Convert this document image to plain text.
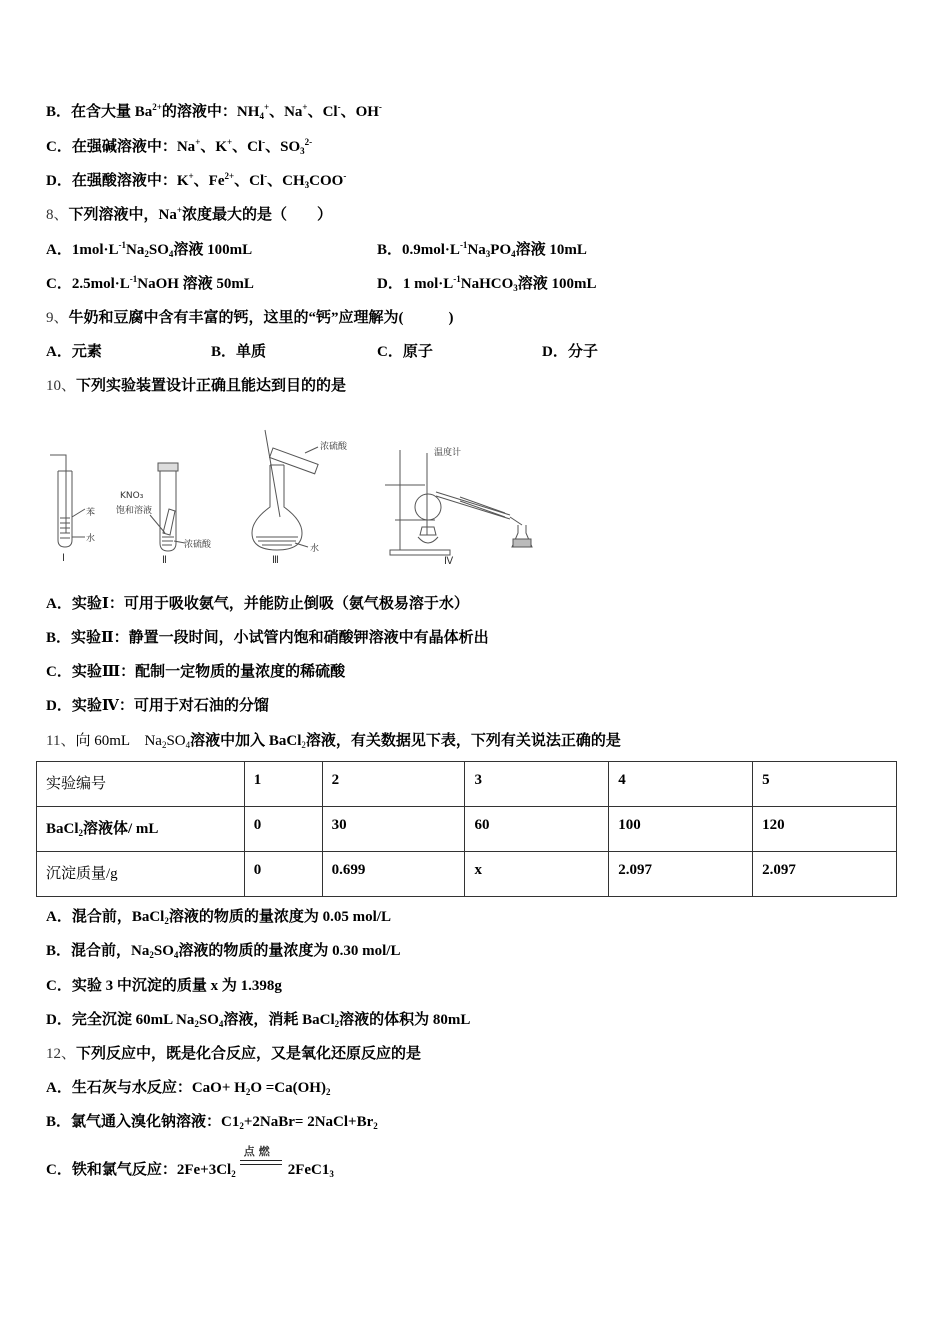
B．在含大量 $Ba^{2+}$的溶液中：$NH_4^+$、Na+、Cl-、OH-
C．在强碱溶液中：Na+、K+、Cl-、$SO_3^{2-}$
D．在强酸溶液中：K+、$Fe^{2+}$、Cl-、$CH_3COO^-$
8、下列溶液中，Na+浓度最大的是（　　）
A．$1mol\cdot L^{-1}Na_2SO_4$溶液 100mL	B．$0.9mol\cdot L^{-1}Na_3PO_4$溶液 10mL
C．$2.5mol\cdot L^{-1}NaOH$ 溶液 50mL	D．1 $mol\cdot L^{-1}NaHCO_3$溶液 100mL
9、牛奶和豆腐中含有丰富的钙，这里的“钙”应理解为(　　　)
A．元素	B．单质	C．原子	D．分子
10、下列实验装置设计正确且能达到目的的是
苯
水
KNO₃
饱和溶液
浓硫酸
浓硫酸
水
温度计
Ⅰ	Ⅱ	Ⅲ	Ⅳ
A．实验Ⅰ：可用于吸收氨气，并能防止倒吸（氨气极易溶于水）
B．实验Ⅱ：静置一段时间，小试管内饱和硝酸钾溶液中有晶体析出
C．实验Ⅲ：配制一定物质的量浓度的稀硫酸
D．实验Ⅳ：可用于对石油的分馏
11、向 60mL　$Na_2SO_4$溶液中加入 BaCl$_2$溶液，有关数据见下表，下列有关说法正确的是
实验编号	1	2	3	4	5
BaCl$_2$溶液体/ mL	0	30	60	100	120
沉淀质量/g	0	0.699	x	2.097	2.097
A．混合前，BaCl$_2$溶液的物质的量浓度为 0.05 mol/L
B．混合前，$Na_2SO_4$溶液的物质的量浓度为 0.30 mol/L
C．实验 3 中沉淀的质量 x 为 1.398g
D．完全沉淀 60mL $Na_2SO_4$溶液，消耗 BaCl$_2$溶液的体积为 80mL
12、下列反应中，既是化合反应，又是氧化还原反应的是
A．生石灰与水反应：$CaO+ H_2O =Ca(OH)_2$
B．氯气通入溴化钠溶液：$C1_2+2NaBr=$ $2NaCl+Br_2$
C．铁和氯气反应：$2Fe+3Cl_2$
点燃
$2FeC1_3$
